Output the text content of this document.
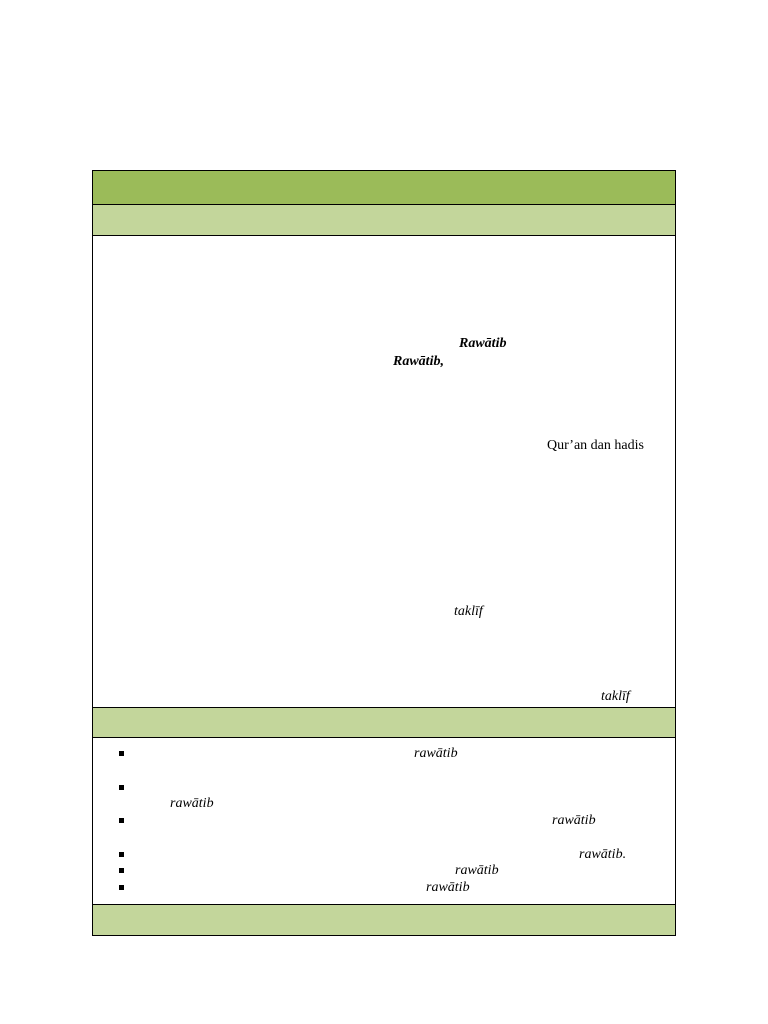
Rawātib
Rawātib,
Qur’an dan hadis
taklīf
taklīf
rawātib
rawātib
rawātib
rawātib.
rawātib
rawātib
